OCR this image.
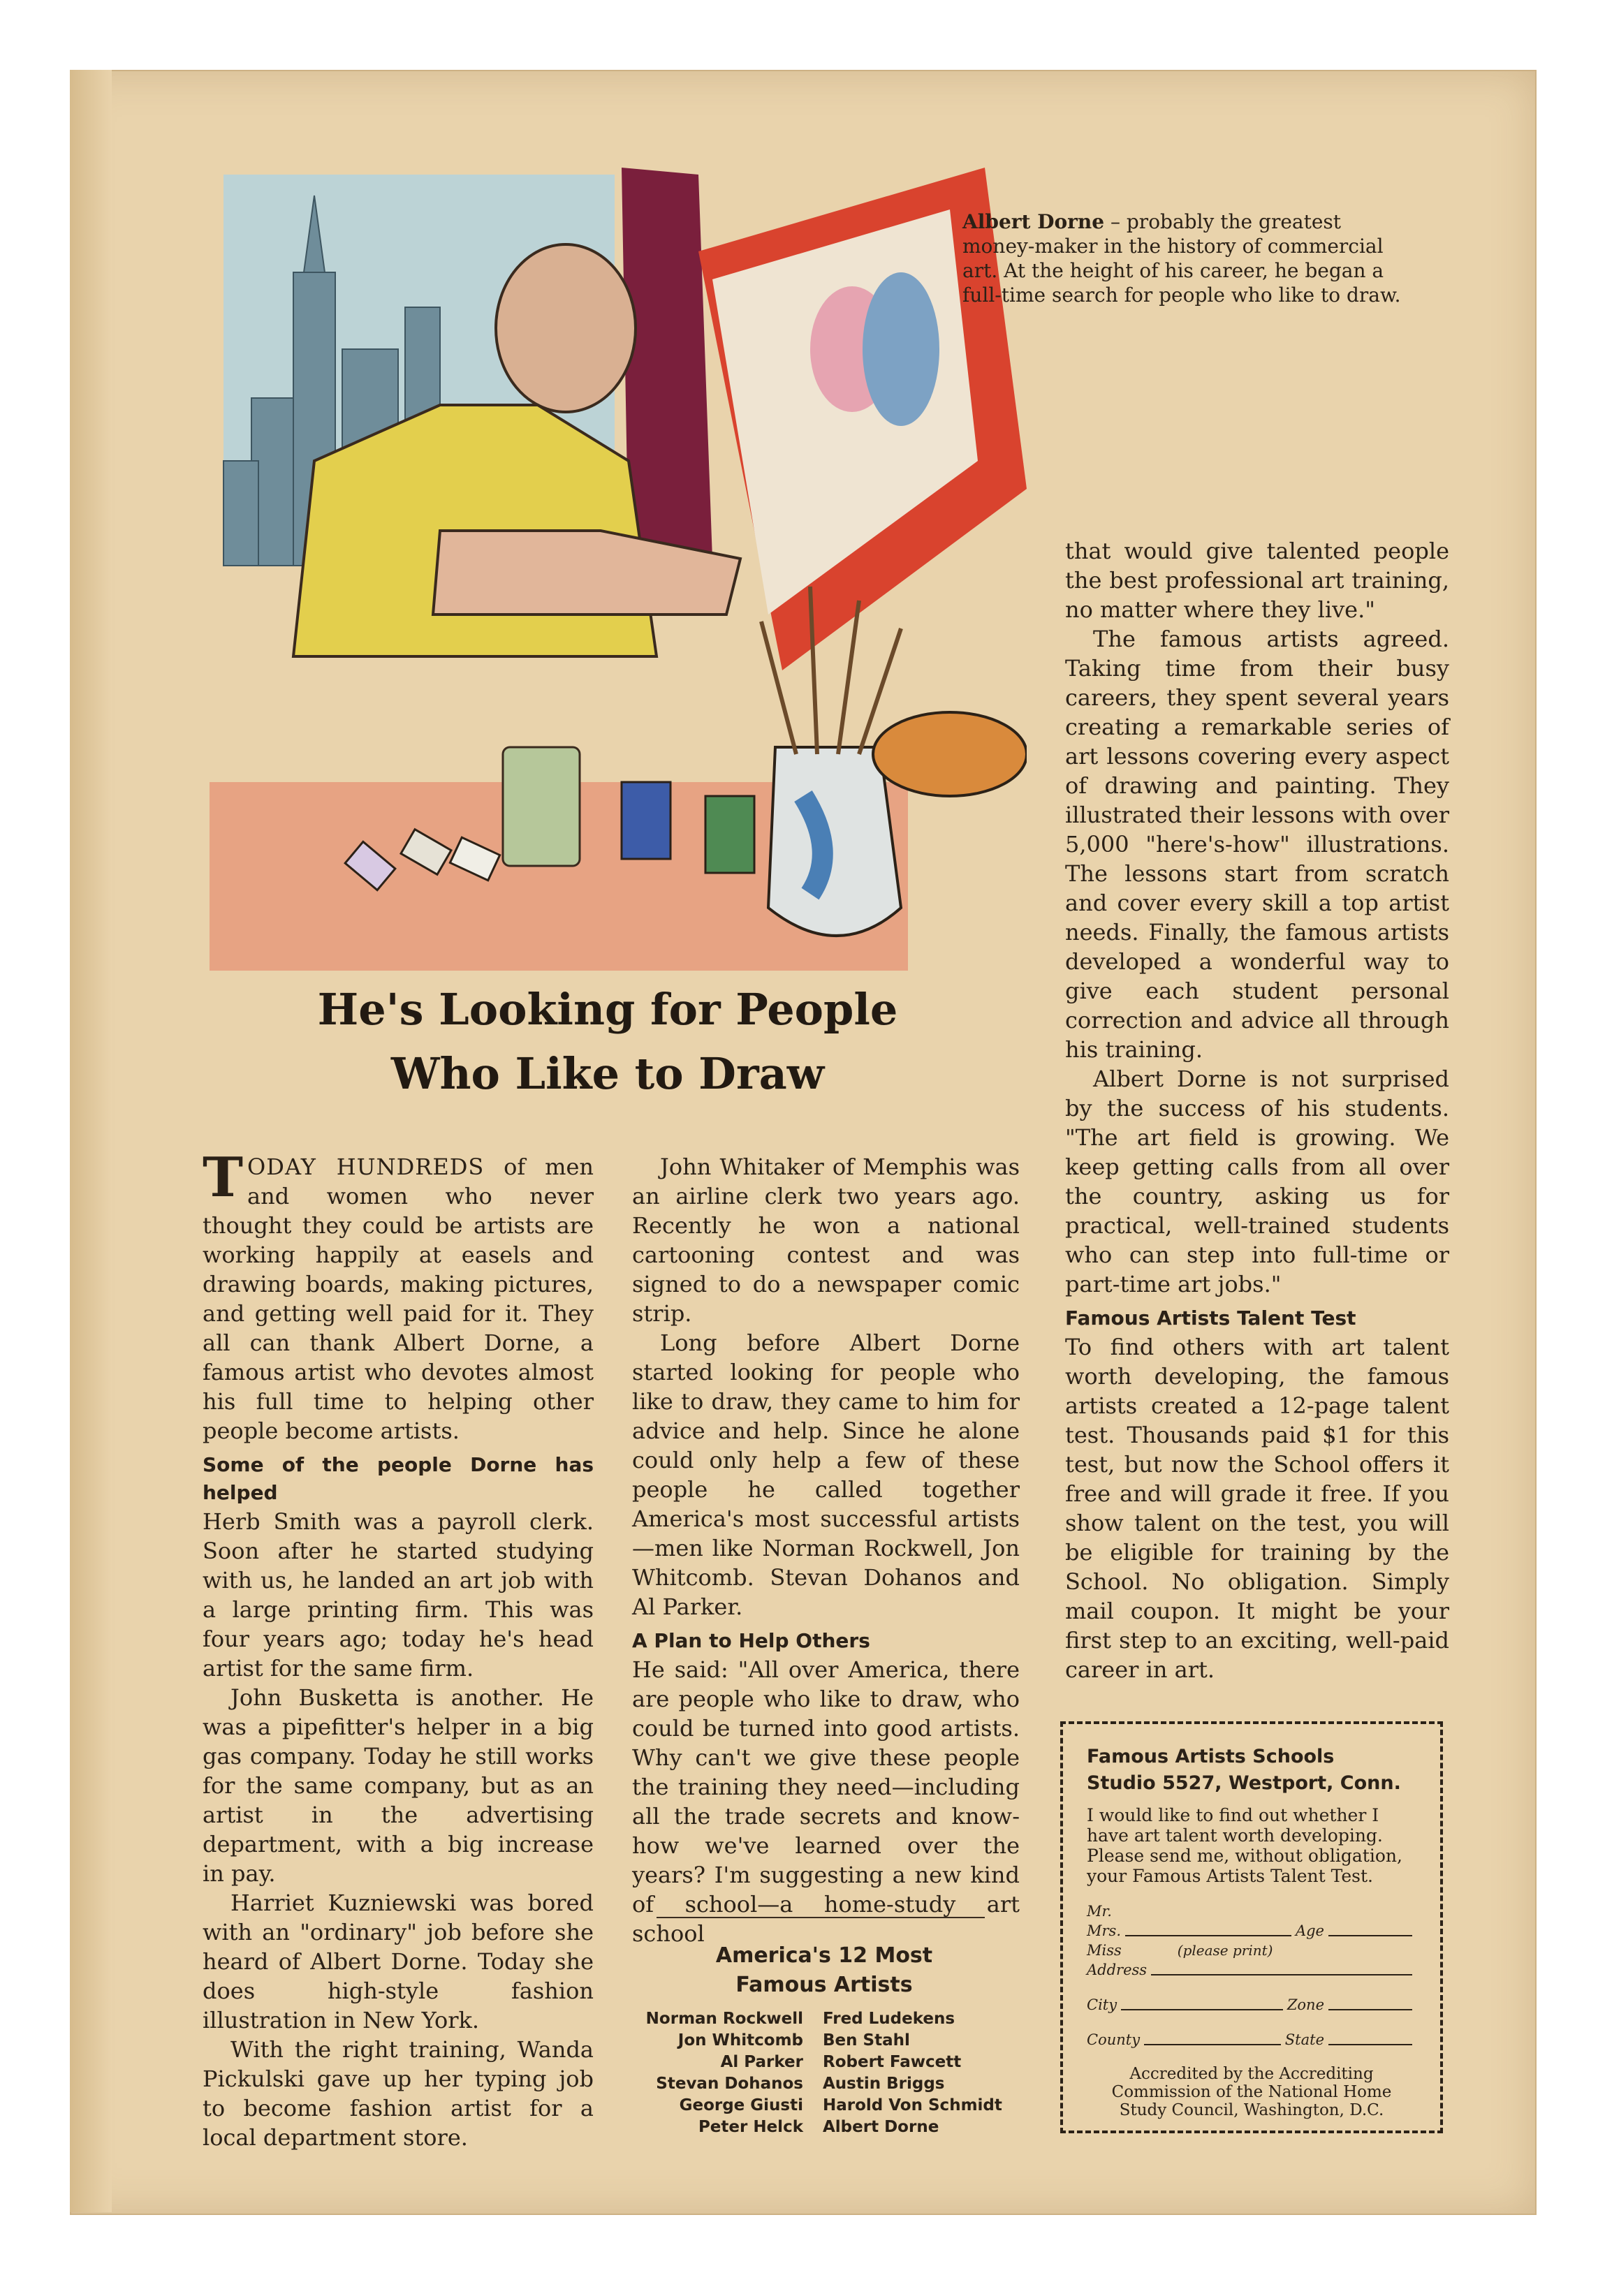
Albert Dorne – probably the greatest money-maker in the history of commercial art. At the height of his career, he began a full-time search for people who like to draw.
He's Looking for People
Who Like to Draw

TODAY HUNDREDS of men and women who never thought they could be artists are working happily at easels and drawing boards, making pictures, and getting well paid for it. They all can thank Albert Dorne, a famous artist who devotes almost his full time to helping other people become artists.

Some of the people Dorne has helped

Herb Smith was a payroll clerk. Soon after he started studying with us, he landed an art job with a large printing firm. This was four years ago; today he's head artist for the same firm.

John Busketta is another. He was a pipefitter's helper in a big gas company. Today he still works for the same company, but as an artist in the advertising department, with a big increase in pay.

Harriet Kuzniewski was bored with an "ordinary" job before she heard of Albert Dorne. Today she does high-style fashion illustration in New York.

With the right training, Wanda Pickulski gave up her typing job to become fashion artist for a local department store.

John Whitaker of Memphis was an airline clerk two years ago. Recently he won a national cartooning contest and was signed to do a newspaper comic strip.

Long before Albert Dorne started looking for people who like to draw, they came to him for advice and help. Since he alone could only help a few of these people he called together America's most successful artists —men like Norman Rockwell, Jon Whitcomb. Stevan Dohanos and Al Parker.

A Plan to Help Others

He said: "All over America, there are people who like to draw, who could be turned into good artists. Why can't we give these people the training they need—including all the trade secrets and know-how we've learned over the years? I'm suggesting a new kind of school—a home-study art school

America's 12 Most
Famous Artists
Norman Rockwell	Fred Ludekens
Jon Whitcomb	Ben Stahl
Al Parker	Robert Fawcett
Stevan Dohanos	Austin Briggs
George Giusti	Harold Von Schmidt
Peter Helck	Albert Dorne

that would give talented people the best professional art training, no matter where they live."

The famous artists agreed. Taking time from their busy careers, they spent several years creating a remarkable series of art lessons covering every aspect of drawing and painting. They illustrated their lessons with over 5,000 "here's-how" illustrations. The lessons start from scratch and cover every skill a top artist needs. Finally, the famous artists developed a wonderful way to give each student personal correction and advice all through his training.

Albert Dorne is not surprised by the success of his students. "The art field is growing. We keep getting calls from all over the country, asking us for practical, well-trained students who can step into full-time or part-time art jobs."

Famous Artists Talent Test

To find others with art talent worth developing, the famous artists created a 12-page talent test. Thousands paid $1 for this test, but now the School offers it free and will grade it free. If you show talent on the test, you will be eligible for training by the School. No obligation. Simply mail coupon. It might be your first step to an exciting, well-paid career in art.

Famous Artists Schools
Studio 5527, Westport, Conn.
I would like to find out whether I have art talent worth developing. Please send me, without obligation, your Famous Artists Talent Test.
Mr.
Mrs.	Age
Miss	(please print)
Address
City	Zone
County	State
Accredited by the Accrediting Commission of the National Home Study Council, Washington, D.C.
